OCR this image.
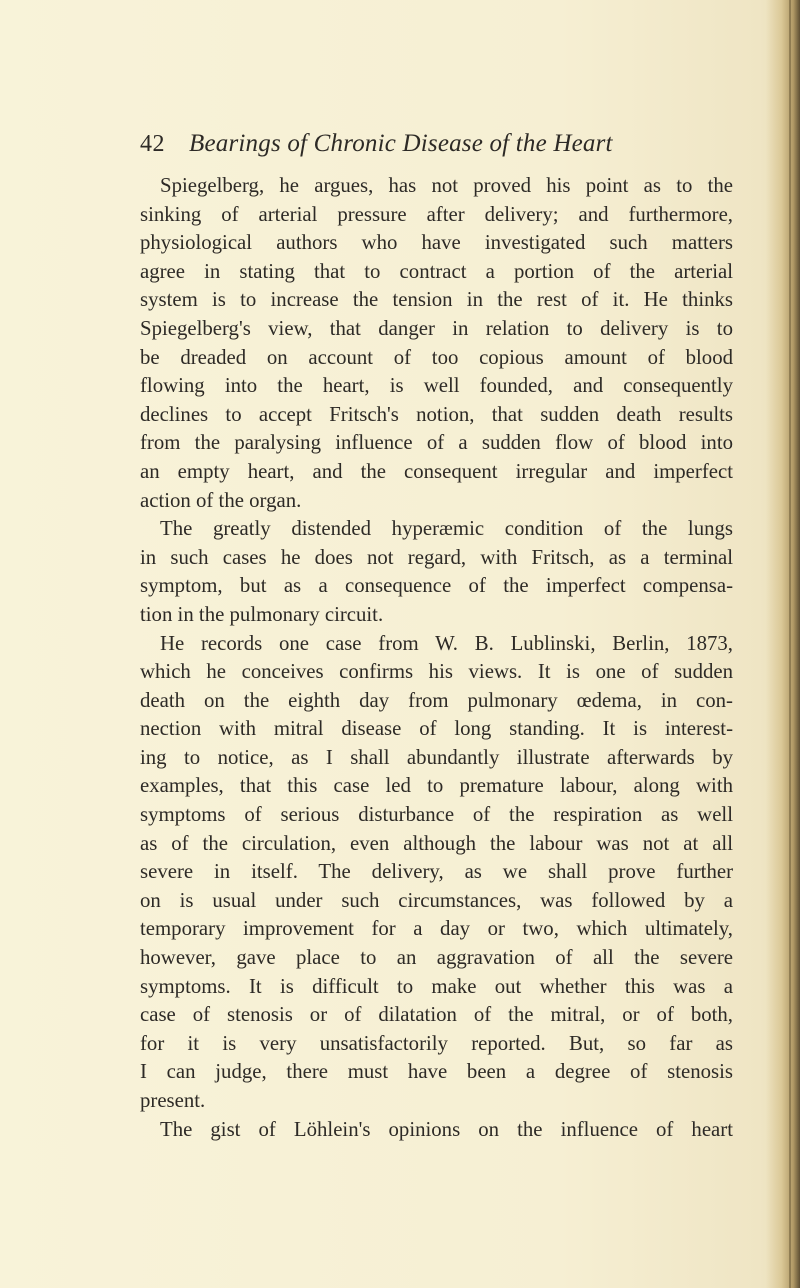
42 Bearings of Chronic Disease of the Heart
Spiegelberg, he argues, has not proved his point as to the
sinking of arterial pressure after delivery; and furthermore,
physiological authors who have investigated such matters
agree in stating that to contract a portion of the arterial
system is to increase the tension in the rest of it. He thinks
Spiegelberg's view, that danger in relation to delivery is to
be dreaded on account of too copious amount of blood
flowing into the heart, is well founded, and consequently
declines to accept Fritsch's notion, that sudden death results
from the paralysing influence of a sudden flow of blood into
an empty heart, and the consequent irregular and imperfect
action of the organ.
The greatly distended hyperæmic condition of the lungs
in such cases he does not regard, with Fritsch, as a terminal
symptom, but as a consequence of the imperfect compensa-
tion in the pulmonary circuit.
He records one case from W. B. Lublinski, Berlin, 1873,
which he conceives confirms his views. It is one of sudden
death on the eighth day from pulmonary œdema, in con-
nection with mitral disease of long standing. It is interest-
ing to notice, as I shall abundantly illustrate afterwards by
examples, that this case led to premature labour, along with
symptoms of serious disturbance of the respiration as well
as of the circulation, even although the labour was not at all
severe in itself. The delivery, as we shall prove further
on is usual under such circumstances, was followed by a
temporary improvement for a day or two, which ultimately,
however, gave place to an aggravation of all the severe
symptoms. It is difficult to make out whether this was a
case of stenosis or of dilatation of the mitral, or of both,
for it is very unsatisfactorily reported. But, so far as
I can judge, there must have been a degree of stenosis
present.
The gist of Löhlein's opinions on the influence of heart
